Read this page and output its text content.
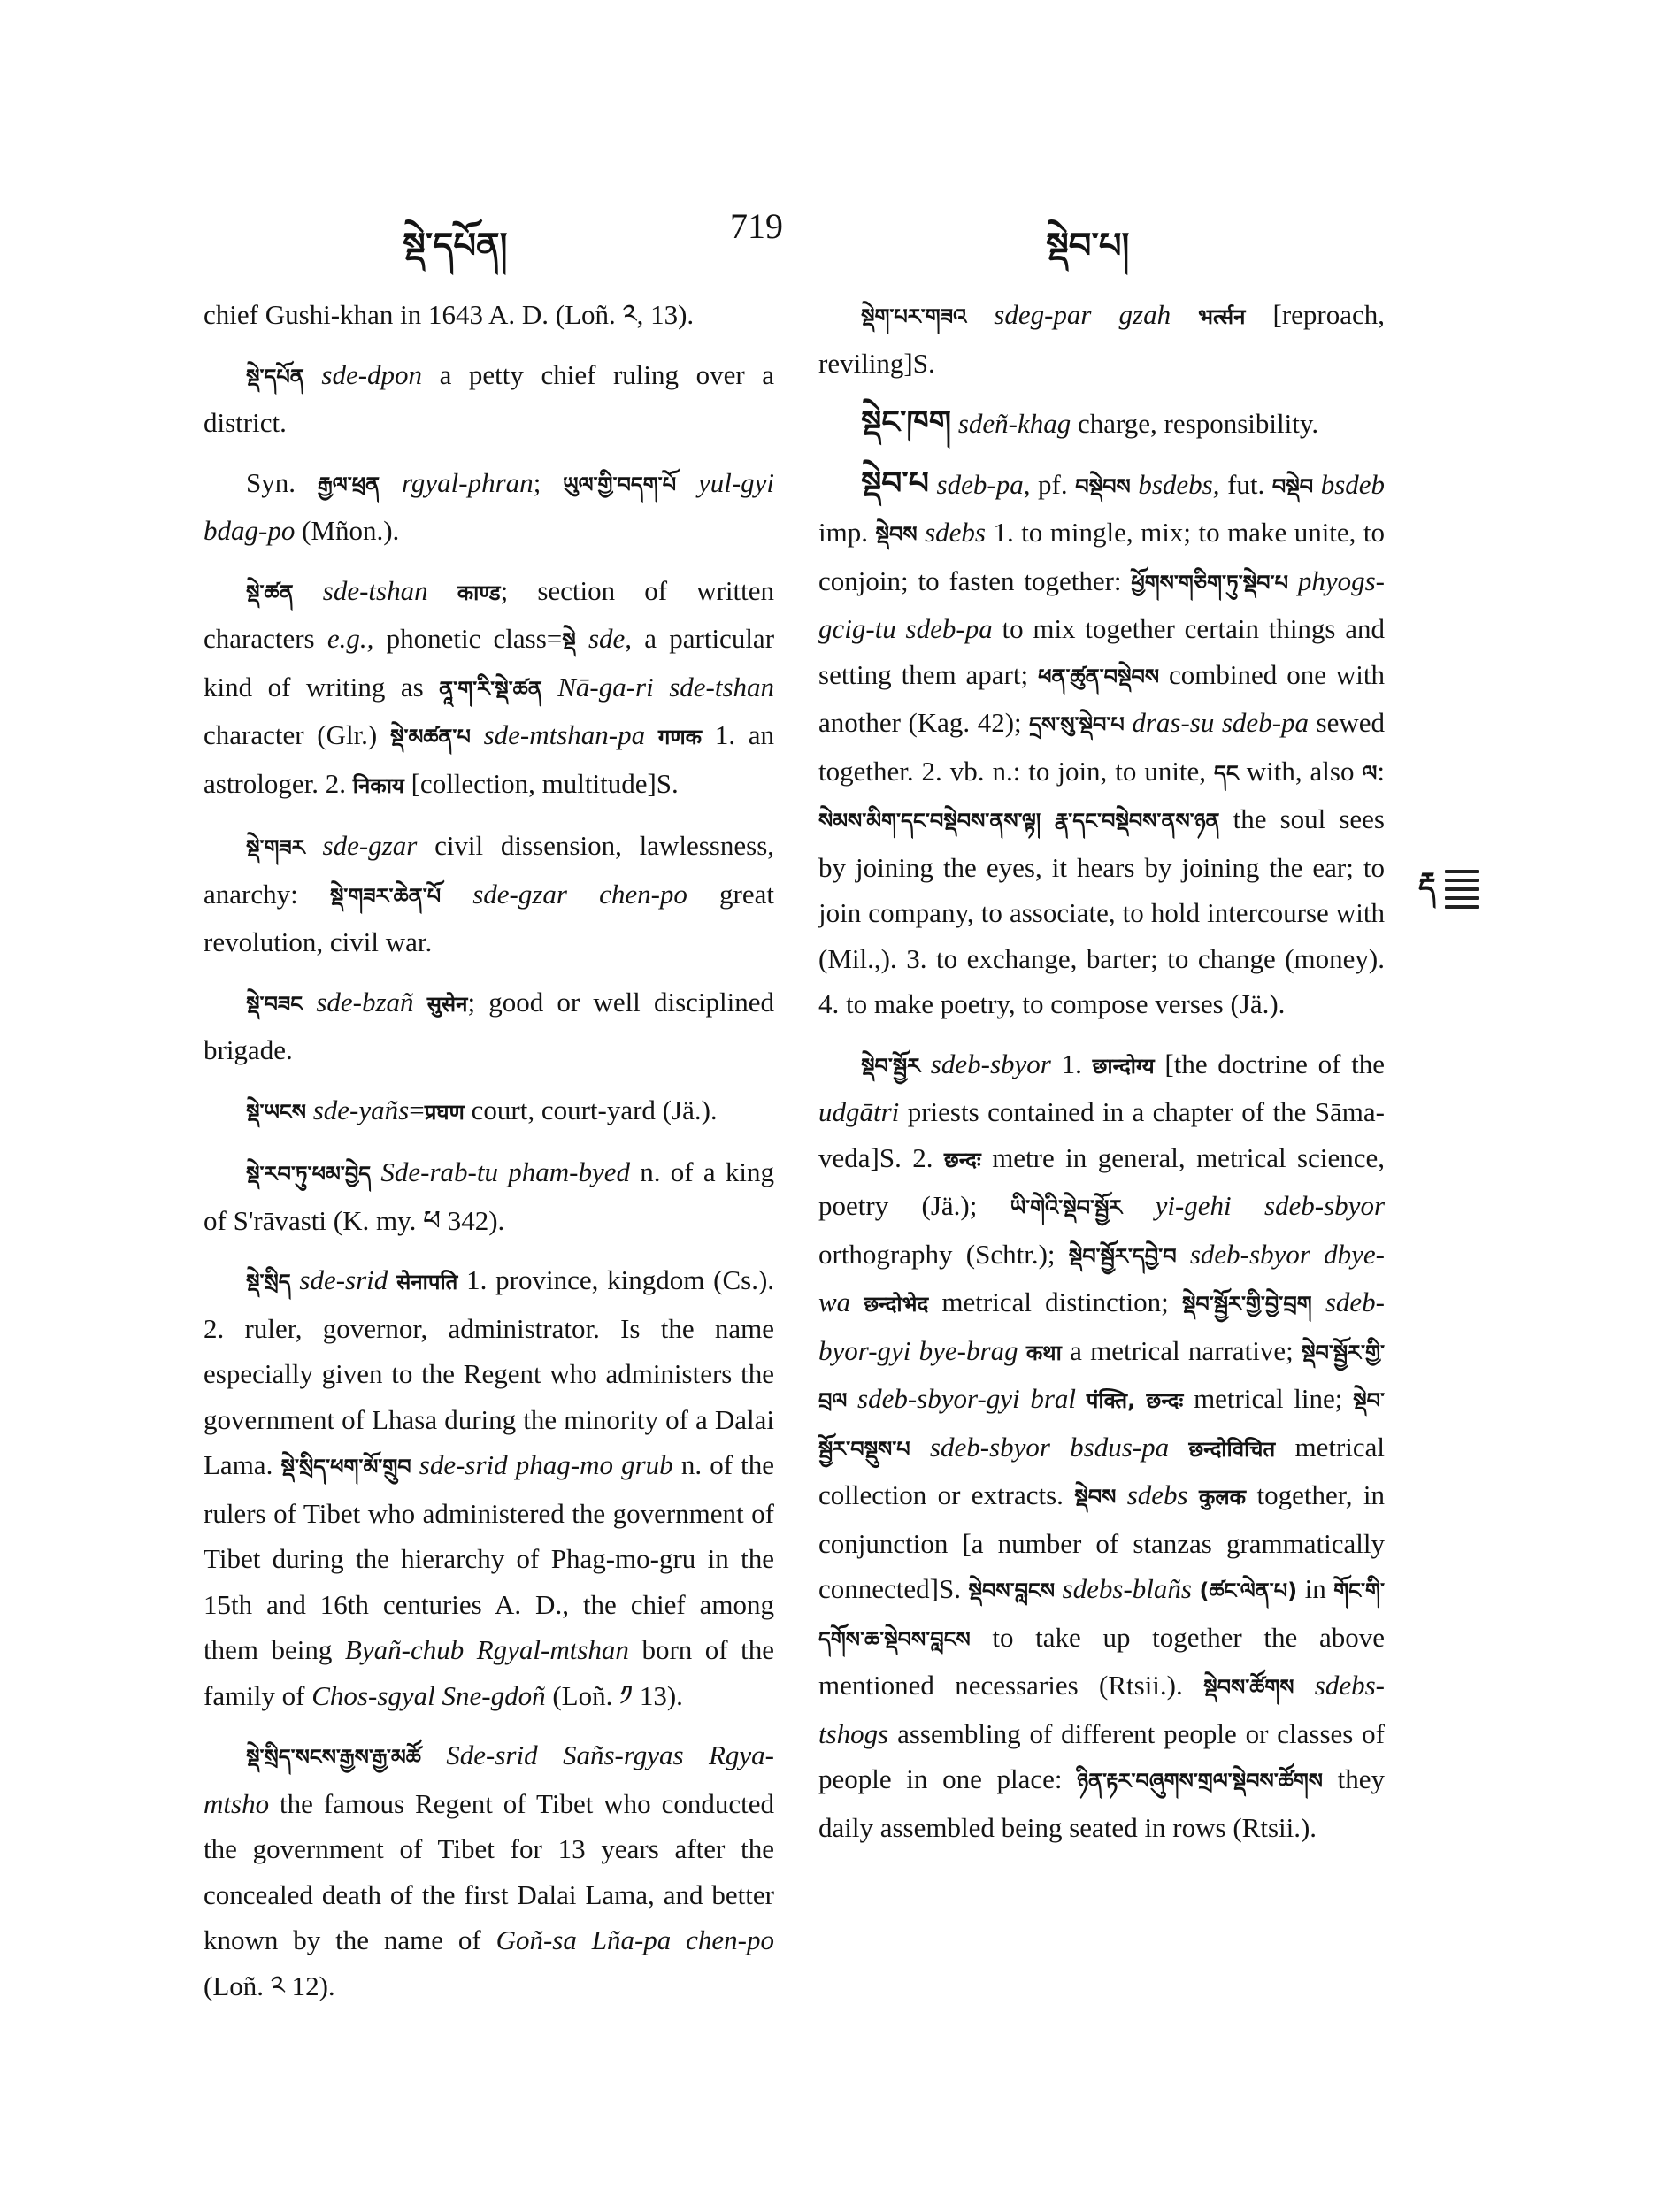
སྡེ་དཔོན།	719	སྡེབ་པ།

chief Gushi-khan in 1643 A. D. (Loñ. ༢, 13).

སྡེ་དཔོན sde-dpon a petty chief ruling over a district.

Syn. རྒྱལ་ཕྲན rgyal-phran; ཡུལ་གྱི་བདག་པོ yul-gyi bdag-po (Mñon.).

སྡེ་ཚན sde-tshan काण्ड; section of written characters e.g., phonetic class=སྡེ sde, a particular kind of writing as ནཱ་ག་རི་སྡེ་ཚན Nā-ga-ri sde-tshan character (Glr.) སྡེ་མཚན་པ sde-mtshan-pa गणक 1. an astrologer. 2. निकाय [collection, multitude]S.

སྡེ་གཟར sde-gzar civil dissension, lawlessness, anarchy: སྡེ་གཟར་ཆེན་པོ sde-gzar chen-po great revolution, civil war.

སྡེ་བཟང sde-bzañ सुसेन; good or well disciplined brigade.

སྡེ་ཡངས sde-yañs=प्रघण court, court-yard (Jä.).

སྡེ་རབ་ཏུ་ཕམ་བྱེད Sde-rab-tu pham-byed n. of a king of S'rāvasti (K. my. ཕ 342).

སྡེ་སྲིད sde-srid सेनापति 1. province, kingdom (Cs.). 2. ruler, governor, administrator. Is the name especially given to the Regent who administers the government of Lhasa during the minority of a Dalai Lama. སྡེ་སྲིད་ཕག་མོ་གྲུབ sde-srid phag-mo grub n. of the rulers of Tibet who administered the government of Tibet during the hierarchy of Phag-mo-gru in the 15th and 16th centuries A. D., the chief among them being Byañ-chub Rgyal-mtshan born of the family of Chos-sgyal Sne-gdoñ (Loñ. ༡ 13).

སྡེ་སྲིད་སངས་རྒྱས་རྒྱ་མཚོ Sde-srid Sañs-rgyas Rgya-mtsho the famous Regent of Tibet who conducted the government of Tibet for 13 years after the concealed death of the first Dalai Lama, and better known by the name of Goñ-sa Lña-pa chen-po (Loñ. ༢ 12).

སྡེག་པར་གཟའ sdeg-par gzah भर्त्सन [reproach, reviling]S.

སྡེང་ཁག sdeñ-khag charge, responsibility.

སྡེབ་པ sdeb-pa, pf. བསྡེབས bsdebs, fut. བསྡེབ bsdeb imp. སྡེབས sdebs 1. to mingle, mix; to make unite, to conjoin; to fasten together: ཕྱོགས་གཅིག་ཏུ་སྡེབ་པ phyogs-gcig-tu sdeb-pa to mix together certain things and setting them apart; ཕན་ཚུན་བསྡེབས combined one with another (Kag. 42); དྲས་སུ་སྡེབ་པ dras-su sdeb-pa sewed together. 2. vb. n.: to join, to unite, དང with, also ལ: སེམས་མིག་དང་བསྡེབས་ནས་ལྟ། རྣ་དང་བསྡེབས་ནས་ཉན the soul sees by joining the eyes, it hears by joining the ear; to join company, to associate, to hold intercourse with (Mil.,). 3. to exchange, barter; to change (money). 4. to make poetry, to compose verses (Jä.).

སྡེབ་སྦྱོར sdeb-sbyor 1. छान्दोग्य [the doctrine of the udgātri priests contained in a chapter of the Sāma-veda]S. 2. छन्दः metre in general, metrical science, poetry (Jä.); ཡི་གེའི་སྡེབ་སྦྱོར yi-gehi sdeb-sbyor orthography (Schtr.); སྡེབ་སྦྱོར་དབྱེ་བ sdeb-sbyor dbye-wa छन्दोभेद metrical distinction; སྡེབ་སྦྱོར་གྱི་བྱེ་བྲག sdeb-byor-gyi bye-brag कथा a metrical narrative; སྡེབ་སྦྱོར་གྱི་བྲལ sdeb-sbyor-gyi bral पंक्ति, छन्दः metrical line; སྡེབ་སྦྱོར་བསྡུས་པ sdeb-sbyor bsdus-pa छन्दोविचित metrical collection or extracts. སྡེབས sdebs कुलक together, in conjunction [a number of stanzas grammatically connected]S. སྡེབས་བླངས sdebs-blañs (ཚང་ལེན་པ) in གོང་གི་དགོས་ཆ་སྡེབས་བླངས to take up together the above mentioned necessaries (Rtsii.). སྡེབས་ཚོགས sdebs-tshogs assembling of different people or classes of people in one place: ཉིན་རྟར་བཞུགས་གྲལ་སྡེབས་ཚོགས they daily assembled being seated in rows (Rtsii.).

རྡ
